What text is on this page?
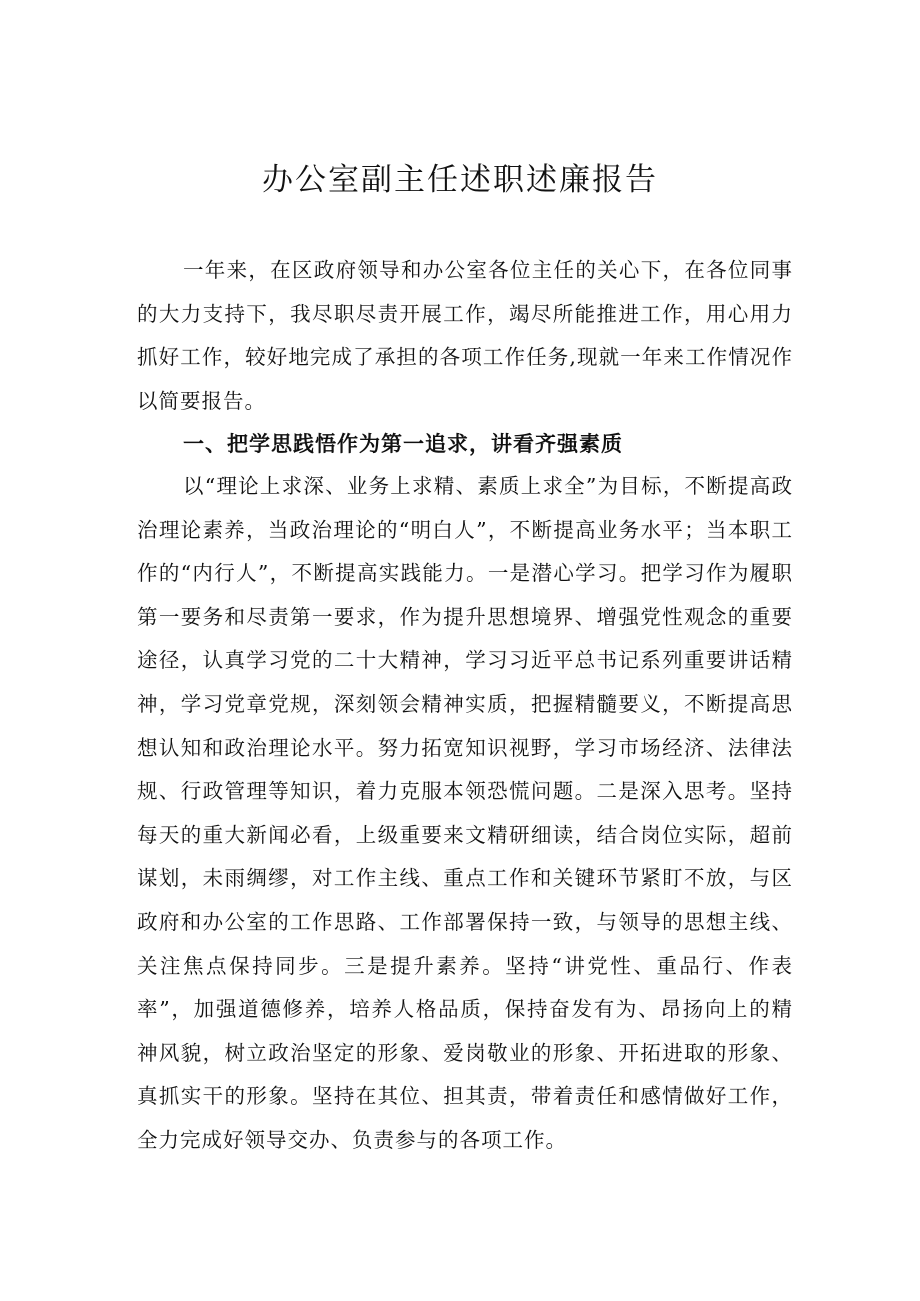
办公室副主任述职述廉报告

一年来，在区政府领导和办公室各位主任的关心下，在各位同事的大力支持下，我尽职尽责开展工作，竭尽所能推进工作，用心用力抓好工作，较好地完成了承担的各项工作任务,现就一年来工作情况作以简要报告。

一、把学思践悟作为第一追求，讲看齐强素质

以“理论上求深、业务上求精、素质上求全”为目标，不断提高政治理论素养，当政治理论的“明白人”，不断提高业务水平；当本职工作的“内行人”，不断提高实践能力。一是潜心学习。把学习作为履职第一要务和尽责第一要求，作为提升思想境界、增强党性观念的重要途径，认真学习党的二十大精神，学习习近平总书记系列重要讲话精神，学习党章党规，深刻领会精神实质，把握精髓要义，不断提高思想认知和政治理论水平。努力拓宽知识视野，学习市场经济、法律法规、行政管理等知识，着力克服本领恐慌问题。二是深入思考。坚持每天的重大新闻必看，上级重要来文精研细读，结合岗位实际，超前谋划，未雨绸缪，对工作主线、重点工作和关键环节紧盯不放，与区政府和办公室的工作思路、工作部署保持一致，与领导的思想主线、关注焦点保持同步。三是提升素养。坚持“讲党性、重品行、作表率”，加强道德修养，培养人格品质，保持奋发有为、昂扬向上的精神风貌，树立政治坚定的形象、爱岗敬业的形象、开拓进取的形象、真抓实干的形象。坚持在其位、担其责，带着责任和感情做好工作，全力完成好领导交办、负责参与的各项工作。
